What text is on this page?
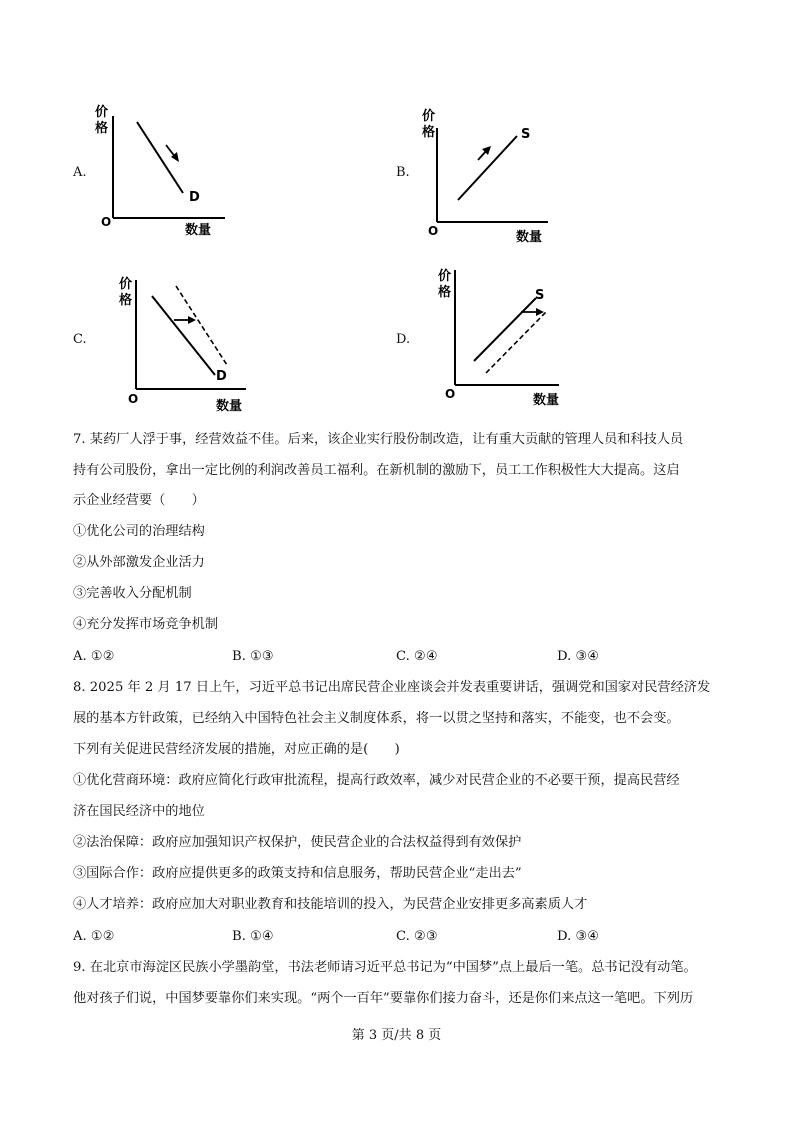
A.
价
格
O
D
数量
B.
价
格
O
S
数量
C.
价
格
O
D
数量
D.
价
格
O
S
数量
7. 某药厂人浮于事，经营效益不佳。后来，该企业实行股份制改造，让有重大贡献的管理人员和科技人员
持有公司股份，拿出一定比例的利润改善员工福利。在新机制的激励下，员工工作积极性大大提高。这启
示企业经营要（　　）
①优化公司的治理结构
②从外部激发企业活力
③完善收入分配机制
④充分发挥市场竞争机制
A. ①②	B. ①③	C. ②④	D. ③④
8. 2025 年 2 月 17 日上午，习近平总书记出席民营企业座谈会并发表重要讲话，强调党和国家对民营经济发
展的基本方针政策，已经纳入中国特色社会主义制度体系，将一以贯之坚持和落实，不能变，也不会变。
下列有关促进民营经济发展的措施，对应正确的是(　　)
①优化营商环境：政府应简化行政审批流程，提高行政效率，减少对民营企业的不必要干预，提高民营经
济在国民经济中的地位
②法治保障：政府应加强知识产权保护，使民营企业的合法权益得到有效保护
③国际合作：政府应提供更多的政策支持和信息服务，帮助民营企业“走出去”
④人才培养：政府应加大对职业教育和技能培训的投入，为民营企业安排更多高素质人才
A. ①②	B. ①④	C. ②③	D. ③④
9. 在北京市海淀区民族小学墨韵堂，书法老师请习近平总书记为“中国梦”点上最后一笔。总书记没有动笔。
他对孩子们说，中国梦要靠你们来实现。“两个一百年”要靠你们接力奋斗，还是你们来点这一笔吧。下列历
第 3 页/共 8 页
